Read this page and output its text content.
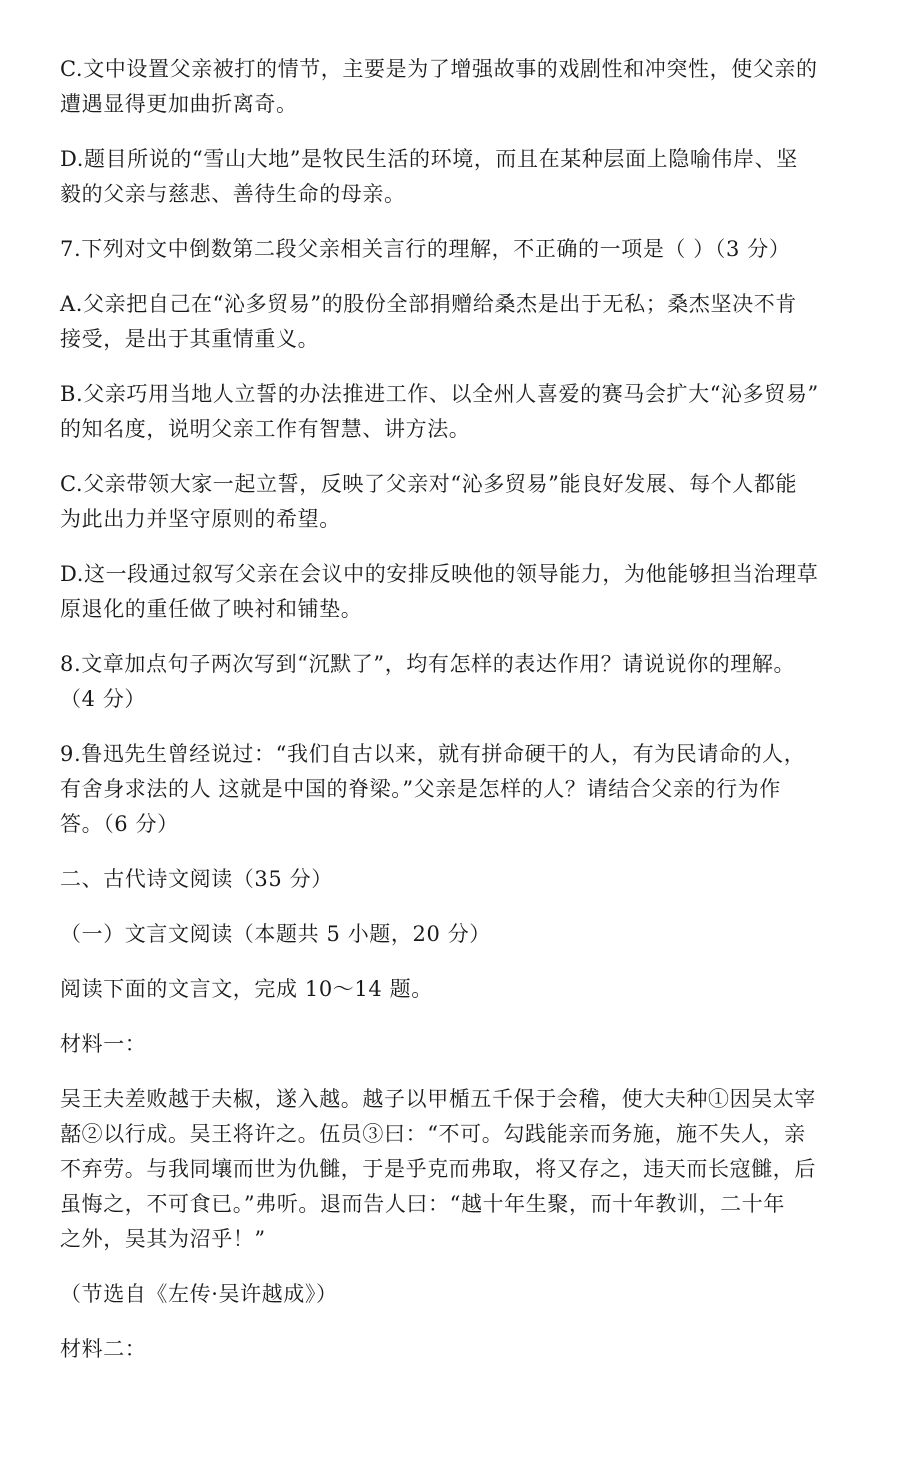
C.文中设置父亲被打的情节，主要是为了增强故事的戏剧性和冲突性，使父亲的
遭遇显得更加曲折离奇。

D.题目所说的“雪山大地”是牧民生活的环境，而且在某种层面上隐喻伟岸、坚
毅的父亲与慈悲、善待生命的母亲。

7.下列对文中倒数第二段父亲相关言行的理解，不正确的一项是（ ）（3 分）

A.父亲把自己在“沁多贸易”的股份全部捐赠给桑杰是出于无私；桑杰坚决不肯
接受，是出于其重情重义。

B.父亲巧用当地人立誓的办法推进工作、以全州人喜爱的赛马会扩大“沁多贸易”
的知名度，说明父亲工作有智慧、讲方法。

C.父亲带领大家一起立誓，反映了父亲对“沁多贸易”能良好发展、每个人都能
为此出力并坚守原则的希望。

D.这一段通过叙写父亲在会议中的安排反映他的领导能力，为他能够担当治理草
原退化的重任做了映衬和铺垫。

8.文章加点句子两次写到“沉默了”，均有怎样的表达作用？请说说你的理解。
（4 分）

9.鲁迅先生曾经说过：“我们自古以来，就有拼命硬干的人，有为民请命的人，
有舍身求法的人 这就是中国的脊梁。”父亲是怎样的人？请结合父亲的行为作
答。（6 分）

二、古代诗文阅读（35 分）

（一）文言文阅读（本题共 5 小题，20 分）

阅读下面的文言文，完成 10～14 题。

材料一：

吴王夫差败越于夫椒，遂入越。越子以甲楯五千保于会稽，使大夫种①因吴太宰
嚭②以行成。吴王将许之。伍员③曰：“不可。勾践能亲而务施，施不失人，亲
不弃劳。与我同壤而世为仇雠，于是乎克而弗取，将又存之，违天而长寇雠，后
虽悔之，不可食已。”弗听。退而告人曰：“越十年生聚，而十年教训，二十年
之外，吴其为沼乎！”

（节选自《左传·吴许越成》）

材料二：
